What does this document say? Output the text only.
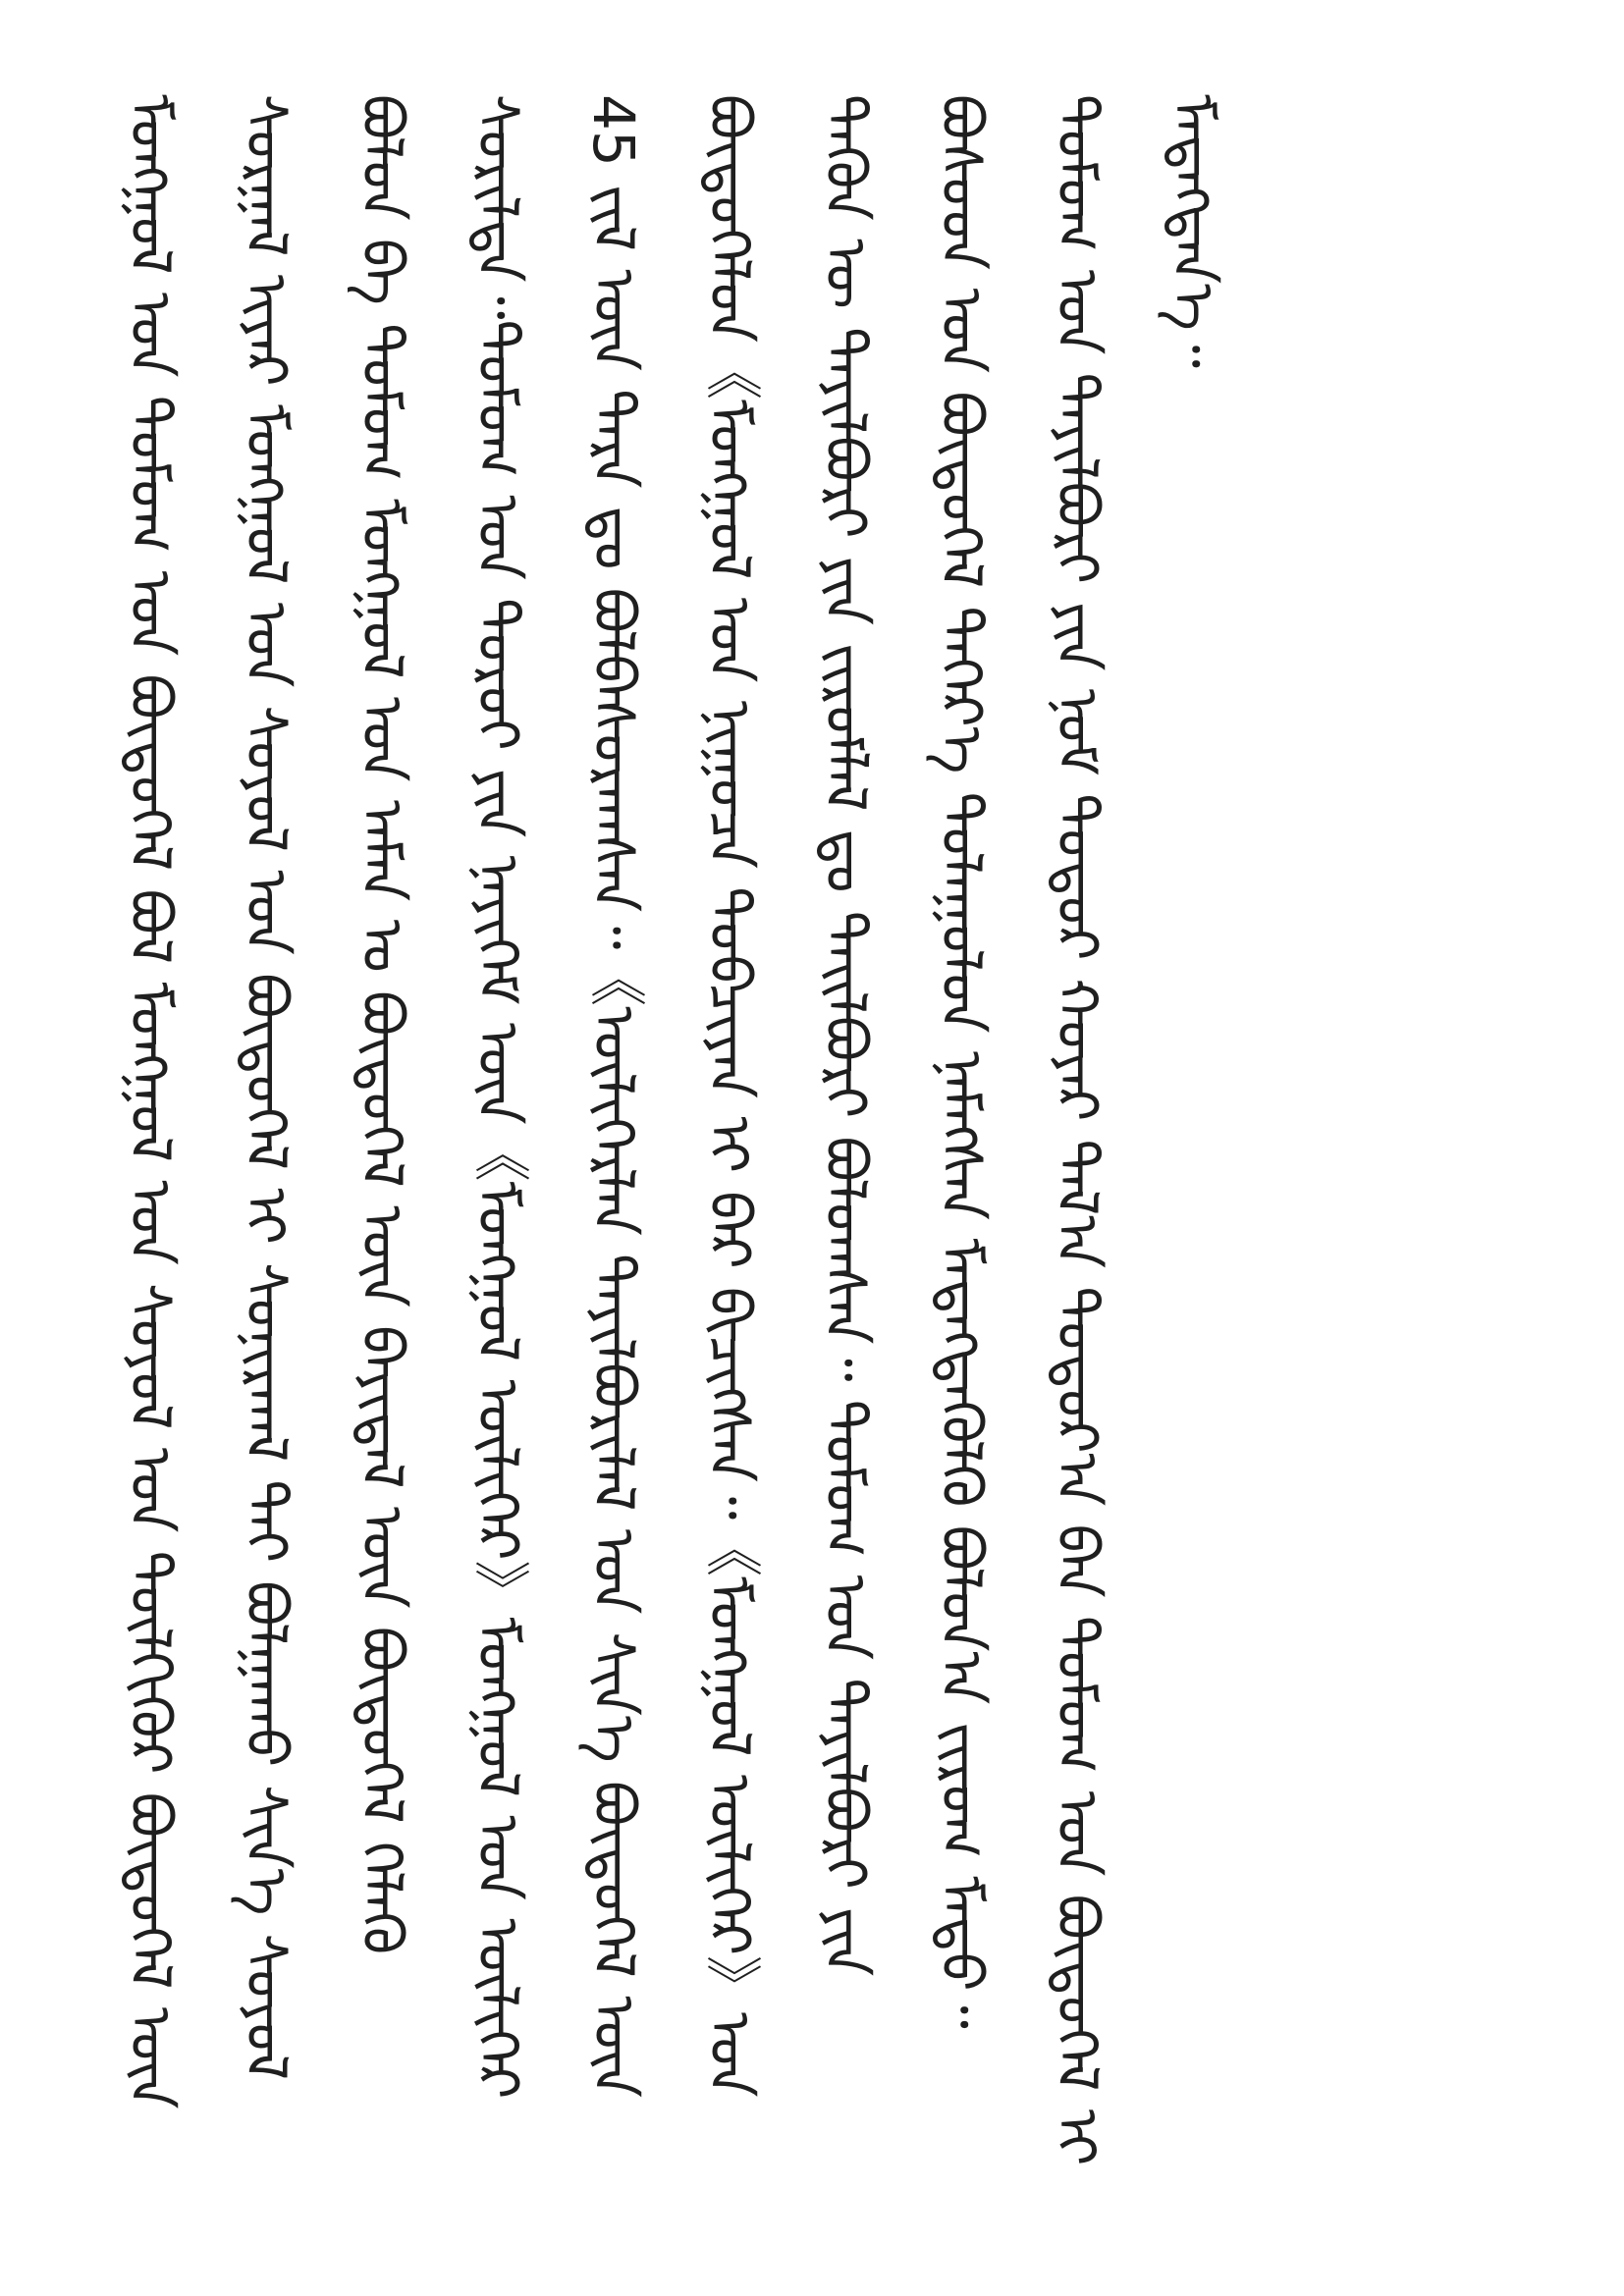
ᠮᠡᠳᠡᠭᠳᠡᠨ᠎ᠡ᠃
ᠳᠣᠮᠣᠭ ᠤᠨ ᠲᠠᠶᠢᠯᠪᠤᠷᠢ ᠶᠢᠨ ᠨᠣᠮ ᠳᠣᠲᠣᠷ ᠬᠣᠶᠠᠷ ᠲᠠᠯ᠎ᠠ ᠳᠣᠲᠣᠷ᠎ᠠ ᠪᠠᠨ ᠳᠣᠮᠣᠭ ᠤᠨ ᠪᠦᠲᠦᠭᠡᠯ ᠢ
ᠪᠤᠰᠤᠳ ᠤᠨ ᠪᠦᠲᠦᠭᠡᠯ ᠳᠡᠭᠡᠷ᠎ᠡ ᠲᠤᠯᠠᠭᠤᠯᠤᠨ ᠨᠡᠮᠡᠭᠰᠡᠨ ᠮᠡᠳᠡᠭᠳᠡᠭᠦᠯᠬᠦ ᠪᠣᠯᠤᠨ᠎ᠠ ᠵᠢᠷᠤᠭ ᠮᠠᠲᠤ᠃
ᠲᠡᠭᠦᠨ ᠦ ᠲᠠᠶᠢᠯᠪᠤᠷᠢ ᠶᠢᠨ ᠵᠢᠷᠤᠮᠯᠠᠯ ᠳᠤ ᠲᠠᠢᠯᠪᠤᠷᠢ ᠪᠣᠯᠤᠭᠰᠠᠨ᠃ ᠳᠣᠮᠣᠭ ᠤᠨ ᠲᠠᠶᠢᠯᠪᠤᠷᠢ ᠶᠢᠨ
ᠪᠦᠲᠦᠭᠡᠯᠦᠨ《ᠮᠣᠩᠭᠣᠯ ᠤᠨ ᠨᠢᠭᠤᠴᠠ ᠲᠣᠪᠴᠢᠶᠠᠨ ᠢ ᠪᠠᠷ ᠪᠢᠴᠢᠭᠰᠡᠨ᠃《ᠮᠣᠩᠭᠣᠯ ᠦᠯᠢᠭᠡᠷ》ᠤᠨ
45 ᠵᠢᠯ ᠦᠨ ᠳᠠᠷᠠ ᠳᠤ ᠪᠣᠯᠪᠠᠰᠤᠷᠠᠭᠰᠠᠨ᠃《ᠦᠯᠢᠭᠡᠷᠯᠡᠨ ᠲᠠᠶᠢᠯᠪᠤᠷᠢᠯᠠᠯ ᠤᠨ ᠰᠢᠨ᠎ᠡ ᠪᠦᠲᠦᠭᠡᠯ ᠦᠨ
ᠰᠣᠷᠢᠯᠲᠠ᠃ᠳᠣᠮᠣᠭ ᠤᠨ ᠳᠣᠷᠣᠢ ᠶᠢᠨ ᠨᠡᠶᠢᠭᠡᠮ ᠦᠨ《ᠮᠣᠩᠭᠣᠯ ᠦᠯᠢᠭᠡᠷ》ᠮᠣᠩᠭᠣᠯ ᠤᠨ ᠦᠯᠢᠭᠡᠷ
ᠪᠣᠯᠤᠨ ᠪᠠ ᠳᠣᠮᠣᠭ ᠮᠣᠩᠭᠣᠯ ᠤᠨ ᠠᠮᠠᠨ ᠤ ᠪᠦᠲᠦᠭᠡᠯ ᠦᠨ ᠪᠠᠶᠢᠳᠠᠯ ᠦᠨ ᠪᠦᠲᠦᠭᠡᠯ ᠬᠡᠯᠡᠬᠦ
ᠰᠤᠷᠭᠠᠯ ᠢᠶᠠᠷ ᠮᠣᠩᠭᠣᠯ ᠤᠨ ᠰᠣᠶᠣᠯ ᠤᠨ ᠪᠦᠲᠦᠭᠡᠯ ᠢ ᠰᠣᠨᠢᠷᠬᠠᠯ ᠲᠠᠢ ᠪᠣᠯᠭᠠᠬᠤ ᠰᠢᠨ᠎ᠡ ᠰᠣᠶᠣᠯ
ᠮᠣᠩᠭᠣᠯ ᠤᠨ ᠳᠣᠮᠣᠭ ᠤᠨ ᠪᠦᠲᠦᠭᠡᠯ ᠪᠣᠯ ᠮᠣᠩᠭᠣᠯ ᠤᠨ ᠰᠣᠶᠣᠯ ᠤᠨ ᠲᠦᠯᠬᠢᠭᠦᠷ ᠪᠦᠲᠦᠭᠡᠯ ᠦᠨ
